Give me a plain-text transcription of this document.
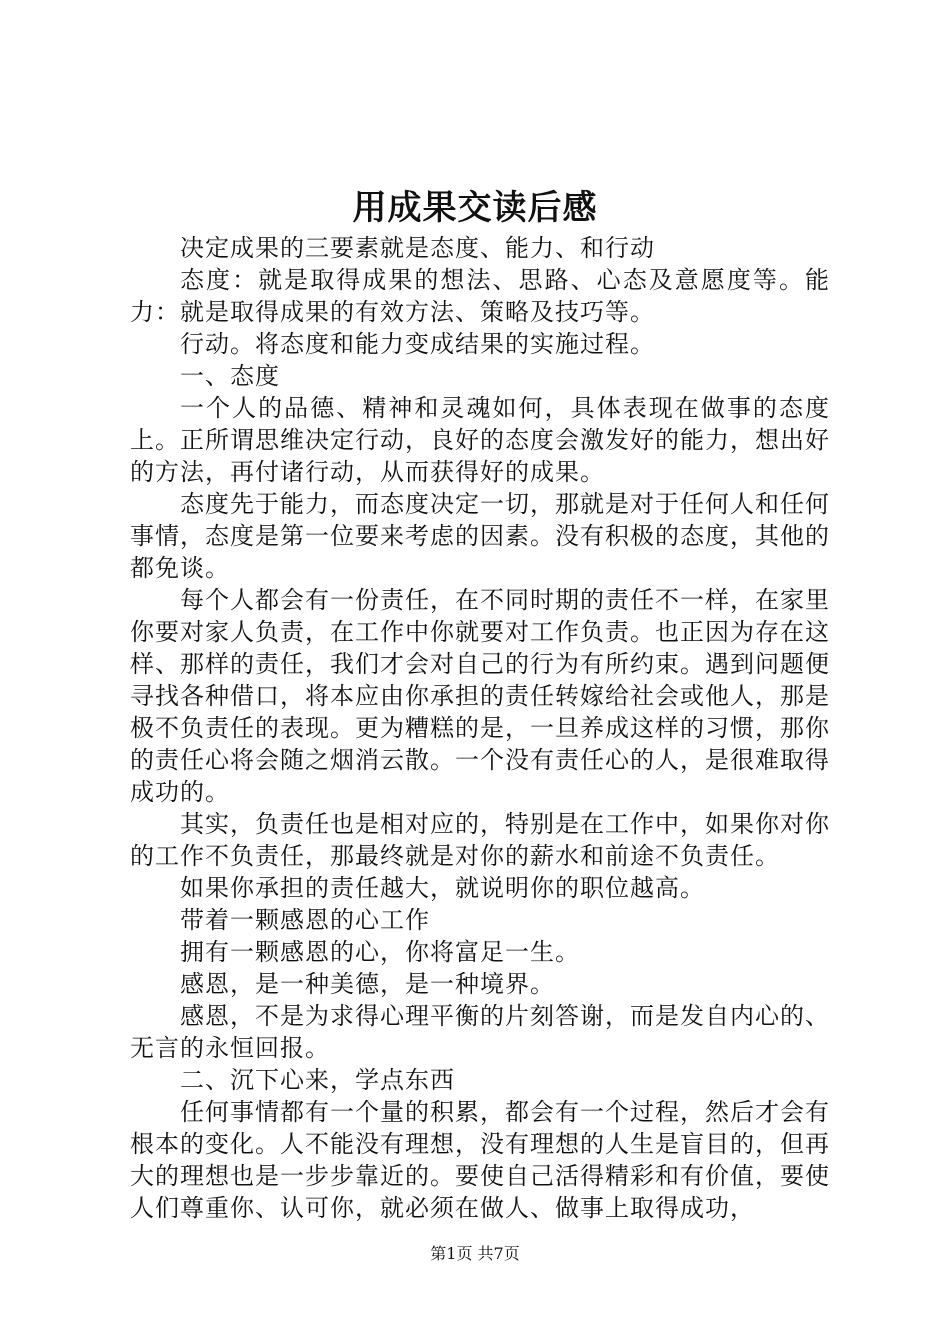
用成果交读后感

决定成果的三要素就是态度、能力、和行动

态度：就是取得成果的想法、思路、心态及意愿度等。能力：就是取得成果的有效方法、策略及技巧等。

行动。将态度和能力变成结果的实施过程。

一、态度

一个人的品德、精神和灵魂如何，具体表现在做事的态度上。正所谓思维决定行动，良好的态度会激发好的能力，想出好的方法，再付诸行动，从而获得好的成果。

态度先于能力，而态度决定一切，那就是对于任何人和任何事情，态度是第一位要来考虑的因素。没有积极的态度，其他的都免谈。

每个人都会有一份责任，在不同时期的责任不一样，在家里你要对家人负责，在工作中你就要对工作负责。也正因为存在这样、那样的责任，我们才会对自己的行为有所约束。遇到问题便寻找各种借口，将本应由你承担的责任转嫁给社会或他人，那是极不负责任的表现。更为糟糕的是，一旦养成这样的习惯，那你的责任心将会随之烟消云散。一个没有责任心的人，是很难取得成功的。

其实，负责任也是相对应的，特别是在工作中，如果你对你的工作不负责任，那最终就是对你的薪水和前途不负责任。

如果你承担的责任越大，就说明你的职位越高。

带着一颗感恩的心工作

拥有一颗感恩的心，你将富足一生。

感恩，是一种美德，是一种境界。

感恩，不是为求得心理平衡的片刻答谢，而是发自内心的、无言的永恒回报。

二、沉下心来，学点东西

任何事情都有一个量的积累，都会有一个过程，然后才会有根本的变化。人不能没有理想，没有理想的人生是盲目的，但再大的理想也是一步步靠近的。要使自己活得精彩和有价值，要使人们尊重你、认可你，就必须在做人、做事上取得成功，

第1页 共7页
